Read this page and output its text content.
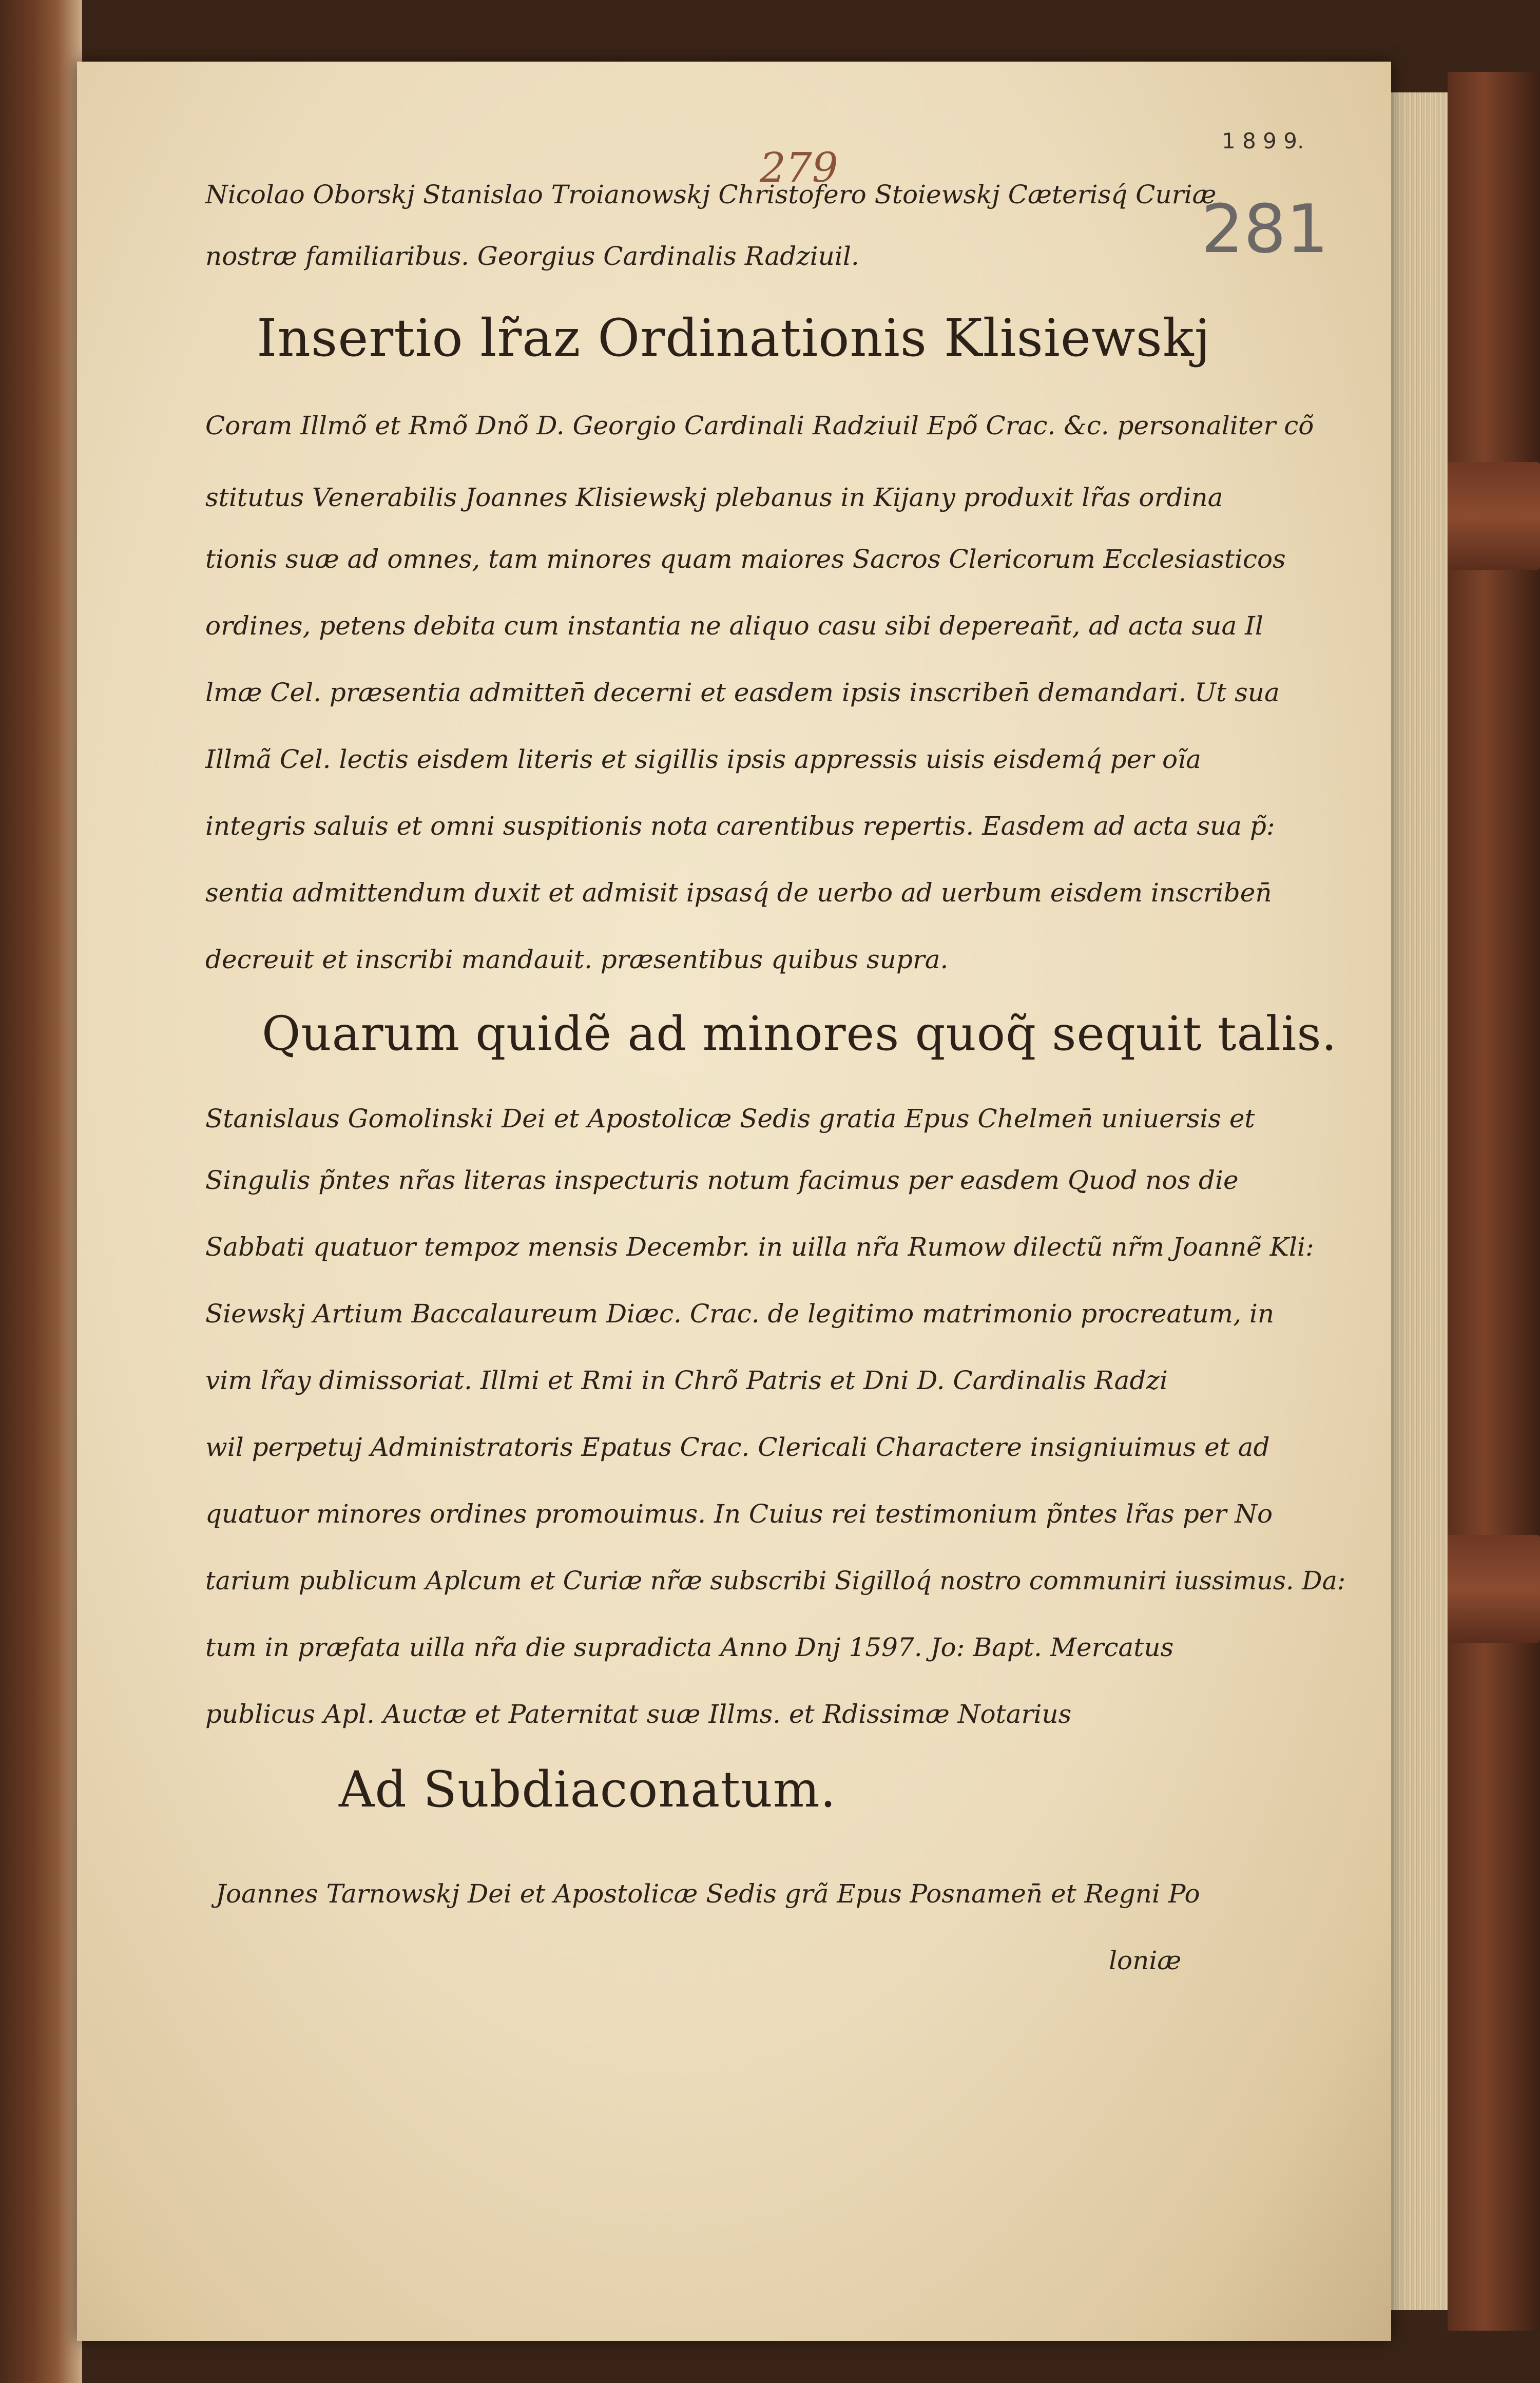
281
279
1 8 9 9.
Nicolao Oborskj Stanislao Troianowskj Christofero Stoiewskj Cæterisq́ Curiæ
nostræ familiaribus. Georgius Cardinalis Radziuil.
Insertio lr̃az Ordinationis Klisiewskj
Coram Illmõ et Rmõ Dnõ D. Georgio Cardinali Radziuil Epõ Crac. &c. personaliter cõ
stitutus Venerabilis Joannes Klisiewskj plebanus in Kijany produxit lr̃as ordina
tionis suæ ad omnes, tam minores quam maiores Sacros Clericorum Ecclesiasticos
ordines, petens debita cum instantia ne aliquo casu sibi deperean̄t, ad acta sua Il
lmæ Cel. præsentia admitten̄ decerni et easdem ipsis inscriben̄ demandari. Ut sua
Illmã Cel. lectis eisdem literis et sigillis ipsis appressis uisis eisdemq́ per oĩa
integris saluis et omni suspitionis nota carentibus repertis. Easdem ad acta sua p̃:
sentia admittendum duxit et admisit ipsasq́ de uerbo ad uerbum eisdem inscriben̄
decreuit et inscribi mandauit. præsentibus quibus supra.
Quarum quidẽ ad minores quoq̃ sequit talis.
Stanislaus Gomolinski Dei et Apostolicæ Sedis gratia Epus Chelmen̄ uniuersis et
Singulis p̃ntes nr̃as literas inspecturis notum facimus per easdem Quod nos die
Sabbati quatuor tempoz mensis Decembr. in uilla nr̃a Rumow dilectũ nr̃m Joannẽ Kli:
Siewskj Artium Baccalaureum Diæc. Crac. de legitimo matrimonio procreatum, in
vim lr̃ay dimissoriat. Illmi et Rmi in Chrõ Patris et Dni D. Cardinalis Radzi
wil perpetuj Administratoris Epatus Crac. Clericali Charactere insigniuimus et ad
quatuor minores ordines promouimus. In Cuius rei testimonium p̃ntes lr̃as per No
tarium publicum Aplcum et Curiæ nr̃æ subscribi Sigilloq́ nostro communiri iussimus. Da:
tum in præfata uilla nr̃a die supradicta Anno Dnj 1597. Jo: Bapt. Mercatus
publicus Apl. Auctæ et Paternitat suæ Illms. et Rdissimæ Notarius
Ad Subdiaconatum.
Joannes Tarnowskj Dei et Apostolicæ Sedis grã Epus Posnamen̄ et Regni Po
loniæ
